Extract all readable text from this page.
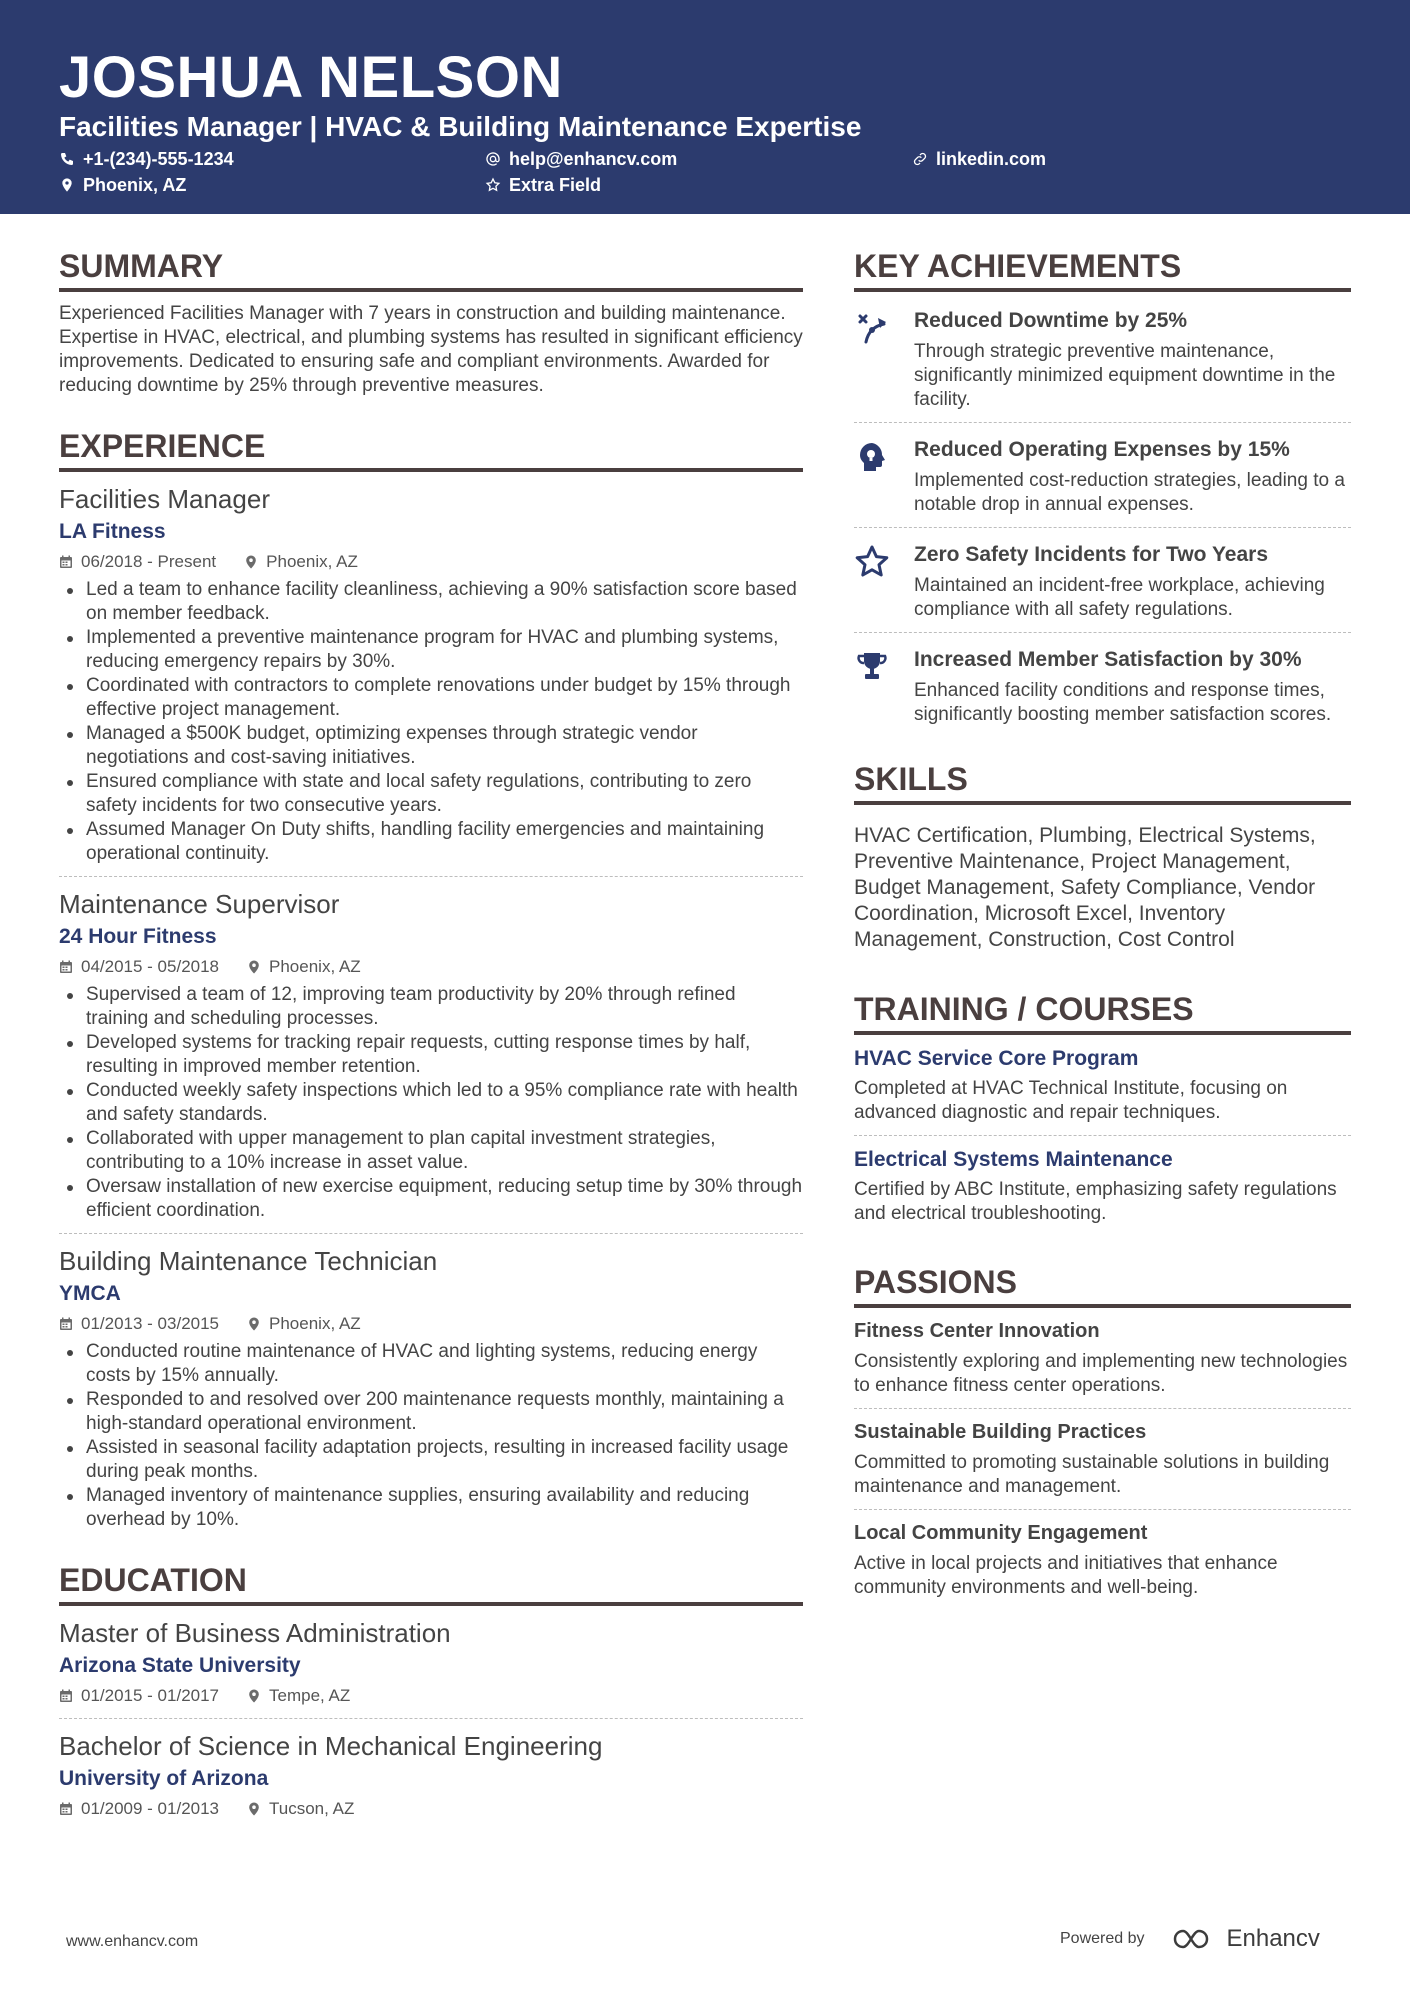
JOSHUA NELSON
Facilities Manager | HVAC & Building Maintenance Expertise
+1-(234)-555-1234	help@enhancv.com	linkedin.com
Phoenix, AZ	Extra Field
SUMMARY
Experienced Facilities Manager with 7 years in construction and building maintenance. Expertise in HVAC, electrical, and plumbing systems has resulted in significant efficiency improvements. Dedicated to ensuring safe and compliant environments. Awarded for reducing downtime by 25% through preventive measures.
EXPERIENCE
Facilities Manager
LA Fitness
06/2018 - Present	Phoenix, AZ
Led a team to enhance facility cleanliness, achieving a 90% satisfaction score based on member feedback.
Implemented a preventive maintenance program for HVAC and plumbing systems, reducing emergency repairs by 30%.
Coordinated with contractors to complete renovations under budget by 15% through effective project management.
Managed a $500K budget, optimizing expenses through strategic vendor negotiations and cost-saving initiatives.
Ensured compliance with state and local safety regulations, contributing to zero safety incidents for two consecutive years.
Assumed Manager On Duty shifts, handling facility emergencies and maintaining operational continuity.
Maintenance Supervisor
24 Hour Fitness
04/2015 - 05/2018	Phoenix, AZ
Supervised a team of 12, improving team productivity by 20% through refined training and scheduling processes.
Developed systems for tracking repair requests, cutting response times by half, resulting in improved member retention.
Conducted weekly safety inspections which led to a 95% compliance rate with health and safety standards.
Collaborated with upper management to plan capital investment strategies, contributing to a 10% increase in asset value.
Oversaw installation of new exercise equipment, reducing setup time by 30% through efficient coordination.
Building Maintenance Technician
YMCA
01/2013 - 03/2015	Phoenix, AZ
Conducted routine maintenance of HVAC and lighting systems, reducing energy costs by 15% annually.
Responded to and resolved over 200 maintenance requests monthly, maintaining a high-standard operational environment.
Assisted in seasonal facility adaptation projects, resulting in increased facility usage during peak months.
Managed inventory of maintenance supplies, ensuring availability and reducing overhead by 10%.
EDUCATION
Master of Business Administration
Arizona State University
01/2015 - 01/2017	Tempe, AZ
Bachelor of Science in Mechanical Engineering
University of Arizona
01/2009 - 01/2013	Tucson, AZ
KEY ACHIEVEMENTS
Reduced Downtime by 25%
Through strategic preventive maintenance, significantly minimized equipment downtime in the facility.
Reduced Operating Expenses by 15%
Implemented cost-reduction strategies, leading to a notable drop in annual expenses.
Zero Safety Incidents for Two Years
Maintained an incident-free workplace, achieving compliance with all safety regulations.
Increased Member Satisfaction by 30%
Enhanced facility conditions and response times, significantly boosting member satisfaction scores.
SKILLS
HVAC Certification, Plumbing, Electrical Systems, Preventive Maintenance, Project Management, Budget Management, Safety Compliance, Vendor Coordination, Microsoft Excel, Inventory Management, Construction, Cost Control
TRAINING / COURSES
HVAC Service Core Program
Completed at HVAC Technical Institute, focusing on advanced diagnostic and repair techniques.
Electrical Systems Maintenance
Certified by ABC Institute, emphasizing safety regulations and electrical troubleshooting.
PASSIONS
Fitness Center Innovation
Consistently exploring and implementing new technologies to enhance fitness center operations.
Sustainable Building Practices
Committed to promoting sustainable solutions in building maintenance and management.
Local Community Engagement
Active in local projects and initiatives that enhance community environments and well-being.
www.enhancv.com	Powered by	Enhancv
